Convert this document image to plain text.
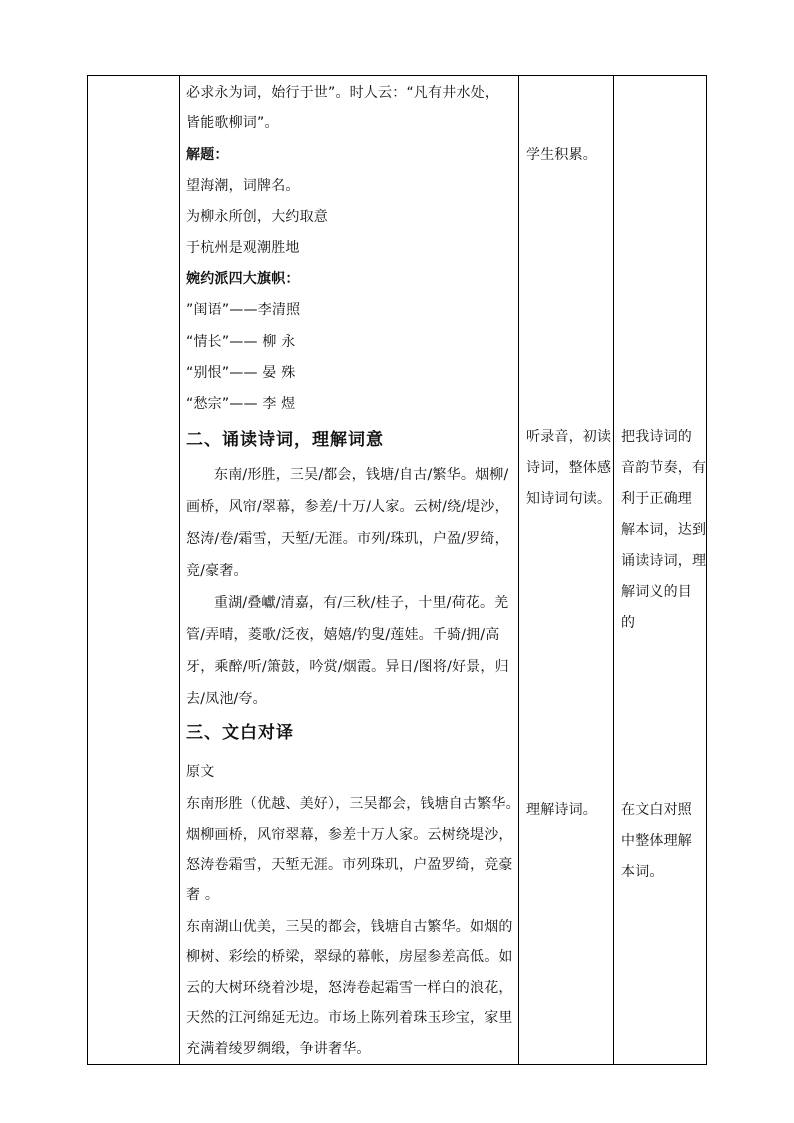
必求永为词，始行于世”。时人云：“凡有井水处，
皆能歌柳词”。
解题：
望海潮，词牌名。
为柳永所创，大约取意
于杭州是观潮胜地
婉约派四大旗帜：
”闺语”——李清照
“情长”—— 柳 永
“别恨”—— 晏 殊
“愁宗”—— 李 煜
二、诵读诗词，理解词意
东南/形胜，三吴/都会，钱塘/自古/繁华。烟柳/
画桥，风帘/翠幕，参差/十万/人家。云树/绕/堤沙，
怒涛/卷/霜雪，天堑/无涯。市列/珠玑，户盈/罗绮，
竞/豪奢。
重湖/叠巘/清嘉，有/三秋/桂子，十里/荷花。羌
管/弄晴，菱歌/泛夜，嬉嬉/钓叟/莲娃。千骑/拥/高
牙，乘醉/听/箫鼓，吟赏/烟霞。异日/图将/好景，归
去/凤池/夸。
三、文白对译
原文
东南形胜（优越、美好），三吴都会，钱塘自古繁华。
烟柳画桥，风帘翠幕，参差十万人家。云树绕堤沙，
怒涛卷霜雪，天堑无涯。市列珠玑，户盈罗绮，竞豪
奢 。
东南湖山优美，三吴的都会，钱塘自古繁华。如烟的
柳树、彩绘的桥梁，翠绿的幕帐，房屋参差高低。如
云的大树环绕着沙堤，怒涛卷起霜雪一样白的浪花，
天然的江河绵延无边。市场上陈列着珠玉珍宝，家里
充满着绫罗绸缎，争讲奢华。
学生积累。
听录音，初读
诗词，整体感
知诗词句读。
理解诗词。
把我诗词的
音韵节奏，有
利于正确理
解本词，达到
诵读诗词，理
解词义的目
的
在文白对照
中整体理解
本词。
